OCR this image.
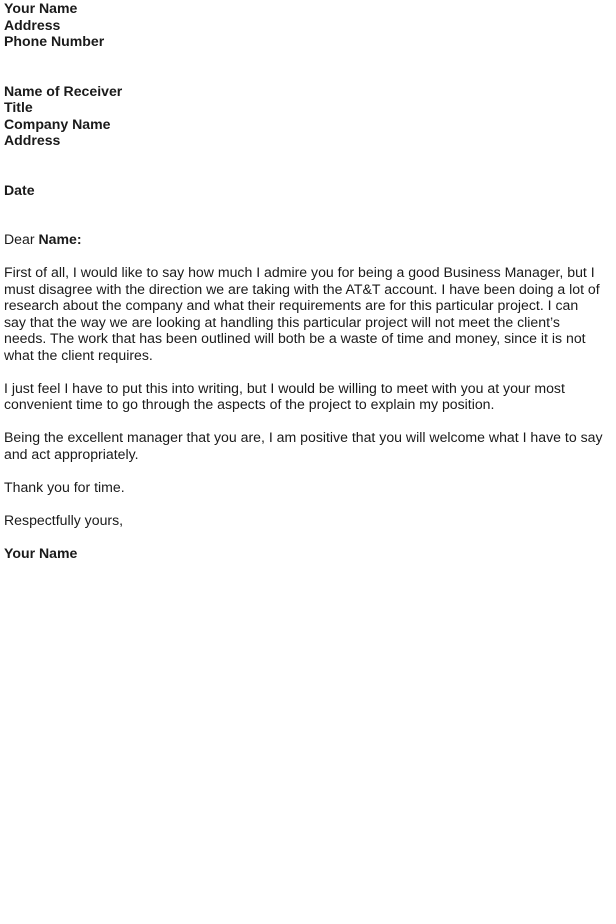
Your Name
Address
Phone Number
Name of Receiver
Title
Company Name
Address
Date
Dear Name:
First of all, I would like to say how much I admire you for being a good Business Manager, but I
must disagree with the direction we are taking with the AT&T account. I have been doing a lot of
research about the company and what their requirements are for this particular project. I can
say that the way we are looking at handling this particular project will not meet the client’s
needs. The work that has been outlined will both be a waste of time and money, since it is not
what the client requires.
I just feel I have to put this into writing, but I would be willing to meet with you at your most
convenient time to go through the aspects of the project to explain my position.
Being the excellent manager that you are, I am positive that you will welcome what I have to say
and act appropriately.
Thank you for time.
Respectfully yours,
Your Name
